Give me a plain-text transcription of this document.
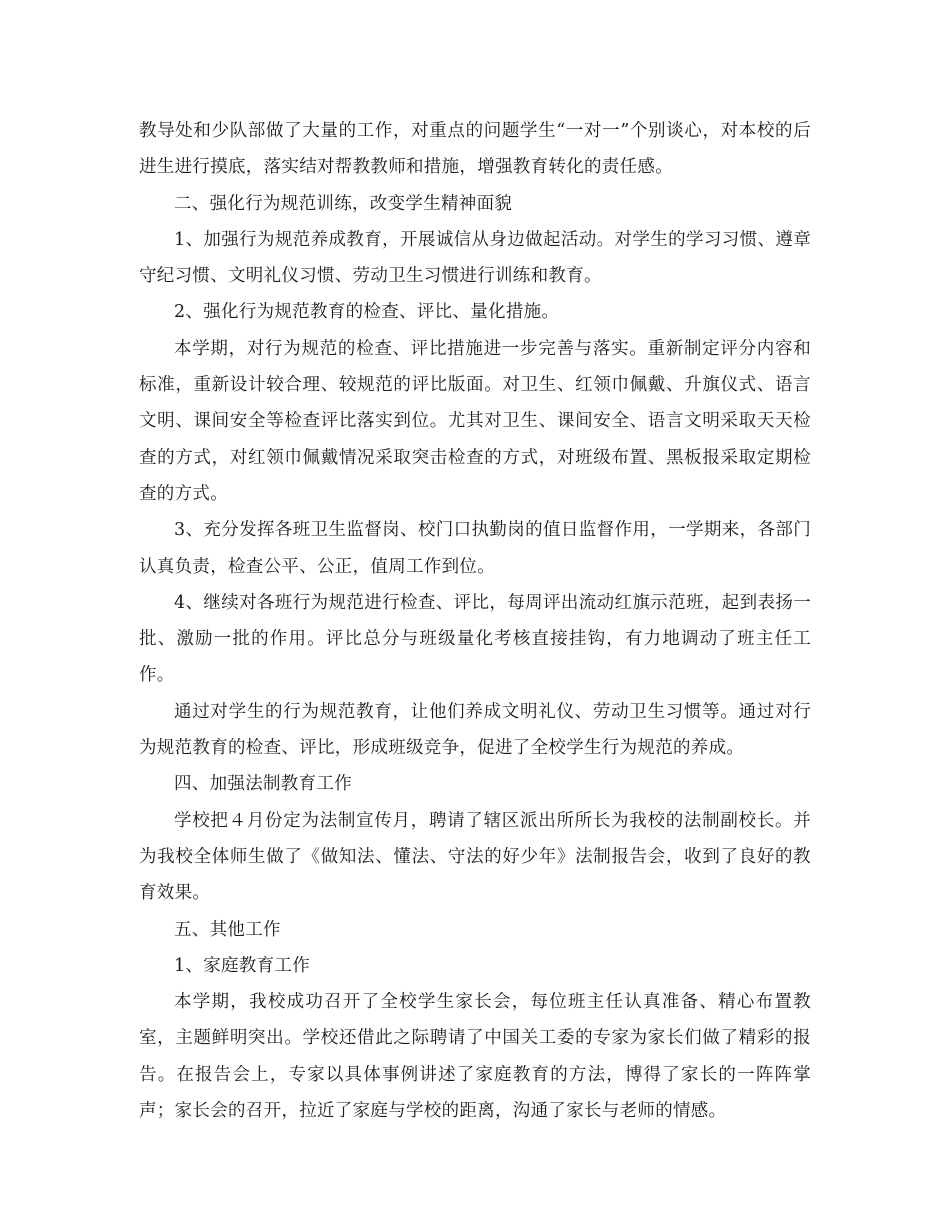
教导处和少队部做了大量的工作，对重点的问题学生“一对一”个别谈心，对本校的后进生进行摸底，落实结对帮教教师和措施，增强教育转化的责任感。

二、强化行为规范训练，改变学生精神面貌

1、加强行为规范养成教育，开展诚信从身边做起活动。对学生的学习习惯、遵章守纪习惯、文明礼仪习惯、劳动卫生习惯进行训练和教育。

2、强化行为规范教育的检查、评比、量化措施。

本学期，对行为规范的检查、评比措施进一步完善与落实。重新制定评分内容和标准，重新设计较合理、较规范的评比版面。对卫生、红领巾佩戴、升旗仪式、语言文明、课间安全等检查评比落实到位。尤其对卫生、课间安全、语言文明采取天天检查的方式，对红领巾佩戴情况采取突击检查的方式，对班级布置、黑板报采取定期检查的方式。

3、充分发挥各班卫生监督岗、校门口执勤岗的值日监督作用，一学期来，各部门认真负责，检查公平、公正，值周工作到位。

4、继续对各班行为规范进行检查、评比，每周评出流动红旗示范班，起到表扬一批、激励一批的作用。评比总分与班级量化考核直接挂钩，有力地调动了班主任工作。

通过对学生的行为规范教育，让他们养成文明礼仪、劳动卫生习惯等。通过对行为规范教育的检查、评比，形成班级竞争，促进了全校学生行为规范的养成。

四、加强法制教育工作

学校把４月份定为法制宣传月，聘请了辖区派出所所长为我校的法制副校长。并为我校全体师生做了《做知法、懂法、守法的好少年》法制报告会，收到了良好的教育效果。

五、其他工作

1、家庭教育工作

本学期，我校成功召开了全校学生家长会，每位班主任认真准备、精心布置教室，主题鲜明突出。学校还借此之际聘请了中国关工委的专家为家长们做了精彩的报告。在报告会上，专家以具体事例讲述了家庭教育的方法，博得了家长的一阵阵掌声；家长会的召开，拉近了家庭与学校的距离，沟通了家长与老师的情感。
